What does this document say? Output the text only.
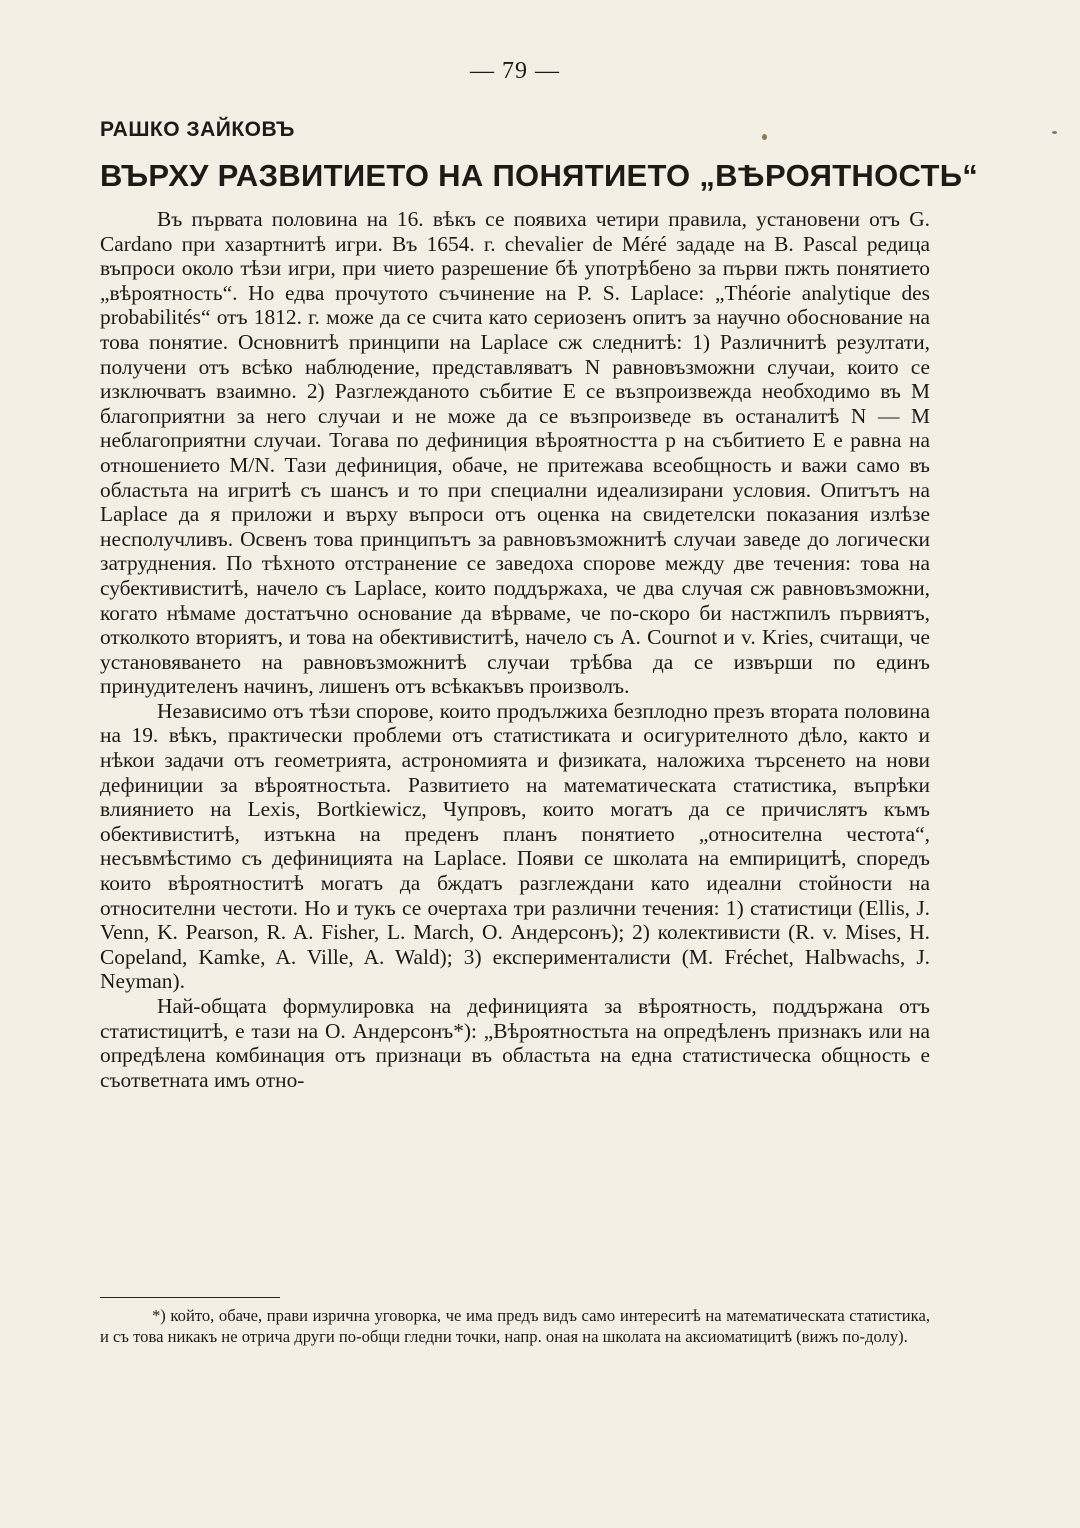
— 79 —
РАШКО ЗАЙКОВЪ
ВЪРХУ РАЗВИТИЕТО НА ПОНЯТИЕТО „ВѢРОЯТНОСТЬ“

Въ първата половина на 16. вѣкъ се появиха четири правила, установени отъ G. Cardano при хазартнитѣ игри. Въ 1654. г. chevalier de Méré зададе на B. Pascal редица въпроси около тѣзи игри, при чието разрешение бѣ употрѣбено за първи пжть понятието „вѣроятность“. Но едва прочутото съчинение на P. S. Laplace: „Théorie analytique des probabilités“ отъ 1812. г. може да се счита като сериозенъ опитъ за научно обоснование на това понятие. Основнитѣ принципи на Laplace сж следнитѣ: 1) Различнитѣ резултати, получени отъ всѣко наблюдение, представляватъ N равновъзможни случаи, които се изключватъ взаимно. 2) Разглежданото събитие E се възпроизвежда необходимо въ M благоприятни за него случаи и не може да се възпроизведе въ останалитѣ N — M неблагоприятни случаи. Тогава по дефиниция вѣроятността p на събитието E е равна на отношението M/N. Тази дефиниция, обаче, не притежава всеобщность и важи само въ областьта на игритѣ съ шансъ и то при специални идеализирани условия. Опитътъ на Laplace да я приложи и върху въпроси отъ оценка на свидетелски показания излѣзе несполучливъ. Освенъ това принципътъ за равновъзможнитѣ случаи заведе до логически затруднения. По тѣхното отстранение се заведоха спорове между две течения: това на субективиститѣ, начело съ Laplace, които поддържаха, че два случая сж равновъзможни, когато нѣмаме достатъчно основание да вѣрваме, че по-скоро би настжпилъ първиятъ, отколкото вториятъ, и това на обективиститѣ, начело съ A. Cournot и v. Kries, считащи, че установяването на равновъзможнитѣ случаи трѣбва да се извърши по единъ принудителенъ начинъ, лишенъ отъ всѣкакъвъ произволъ.

Независимо отъ тѣзи спорове, които продължиха безплодно презъ втората половина на 19. вѣкъ, практически проблеми отъ статистиката и осигурителното дѣло, както и нѣкои задачи отъ геометрията, астрономията и физиката, наложиха търсенето на нови дефиниции за вѣроятностьта. Развитието на математическата статистика, въпрѣки влиянието на Lexis, Bortkiewicz, Чупровъ, които могатъ да се причислятъ къмъ обективиститѣ, изтъкна на преденъ планъ понятието „относителна честота“, несъвмѣстимо съ дефиницията на Laplace. Появи се школата на емпирицитѣ, споредъ които вѣроятноститѣ могатъ да бждатъ разглеждани като идеални стойности на относителни честоти. Но и тукъ се очертаха три различни течения: 1) статистици (Ellis, J. Venn, K. Pearson, R. A. Fisher, L. March, O. Андерсонъ); 2) колективисти (R. v. Mises, H. Copeland, Kamke, A. Ville, A. Wald); 3) експерименталисти (M. Fréchet, Halbwachs, J. Neyman).

Най-общата формулировка на дефиницията за вѣроятность, поддържана отъ статистицитѣ, е тази на O. Андерсонъ*): „Вѣроятностьта на опредѣленъ признакъ или на опредѣлена комбинация отъ признаци въ областьта на една статистическа общность е съответната имъ отно-

*) който, обаче, прави изрична уговорка, че има предъ видъ само интереситѣ на математическата статистика, и съ това никакъ не отрича други по-общи гледни точки, напр. оная на школата на аксиоматицитѣ (вижъ по-долу).
